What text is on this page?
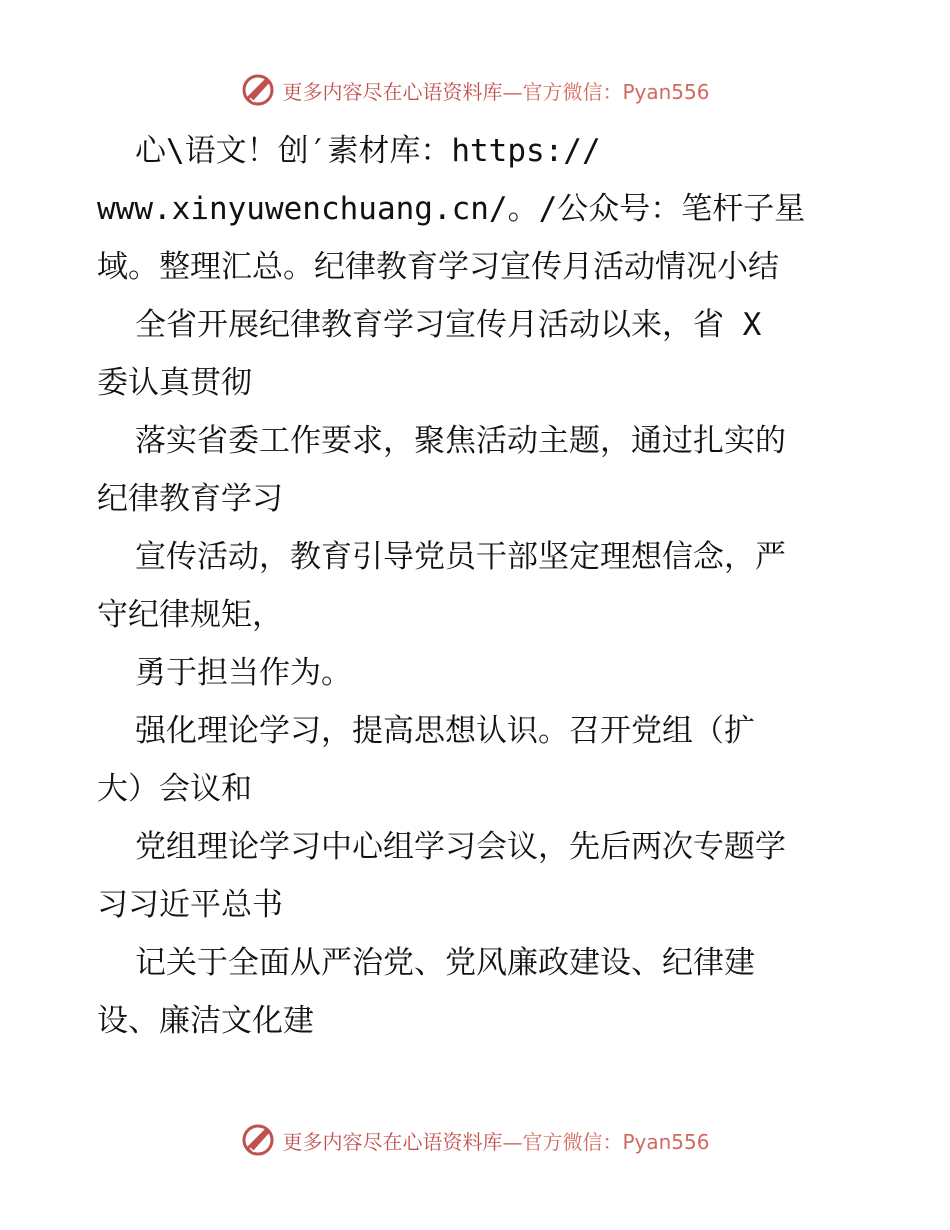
更多内容尽在心语资料库—官方微信：Pyan556
心\语文！创′素材库：https://
www.xinyuwenchuang.cn/。/公众号：笔杆子星
域。整理汇总。纪律教育学习宣传月活动情况小结
全省开展纪律教育学习宣传月活动以来，省 X
委认真贯彻
落实省委工作要求，聚焦活动主题，通过扎实的
纪律教育学习
宣传活动，教育引导党员干部坚定理想信念，严
守纪律规矩，
勇于担当作为。
强化理论学习，提高思想认识。召开党组（扩
大）会议和
党组理论学习中心组学习会议，先后两次专题学
习习近平总书
记关于全面从严治党、党风廉政建设、纪律建
设、廉洁文化建
更多内容尽在心语资料库—官方微信：Pyan556
